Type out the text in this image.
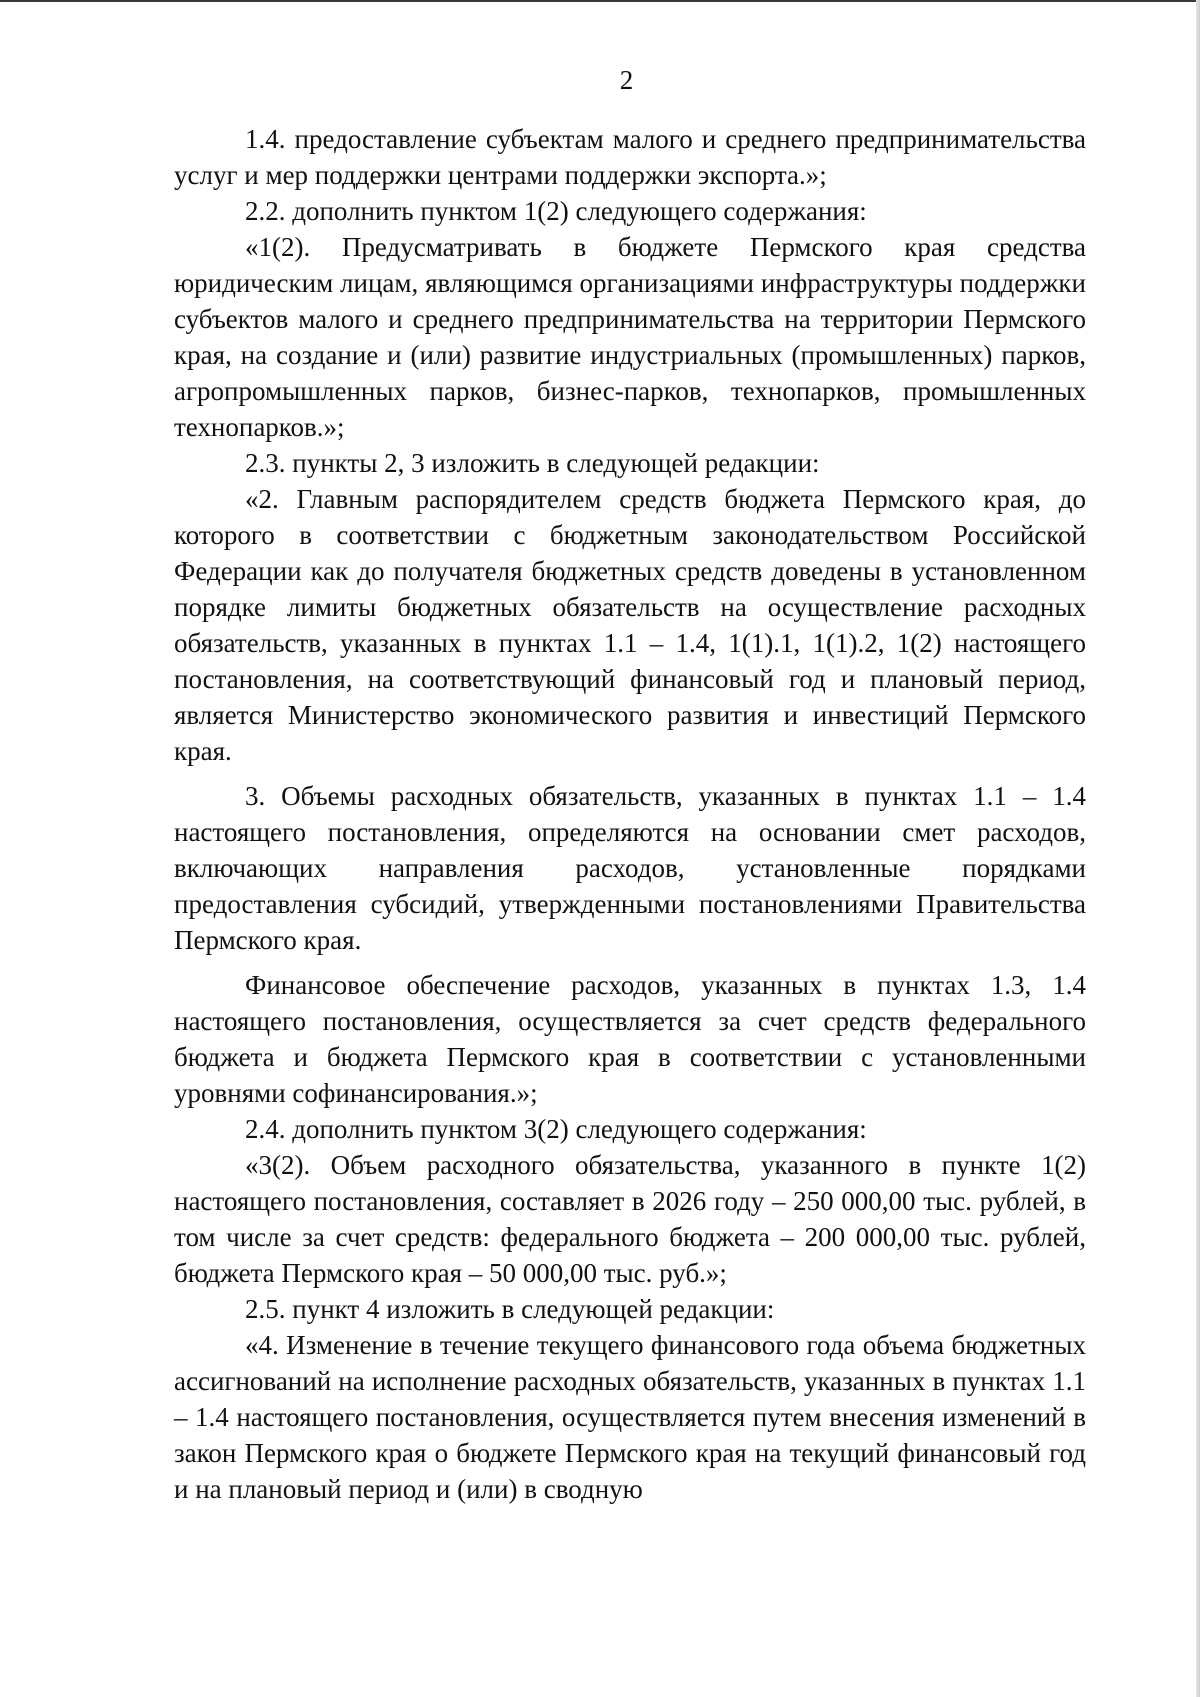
2

1.4. предоставление субъектам малого и среднего предпринимательства услуг и мер поддержки центрами поддержки экспорта.»;

2.2. дополнить пунктом 1(2) следующего содержания:

«1(2). Предусматривать в бюджете Пермского края средства юридическим лицам, являющимся организациями инфраструктуры поддержки субъектов малого и среднего предпринимательства на территории Пермского края, на создание и (или) развитие индустриальных (промышленных) парков, агропромышленных парков, бизнес-парков, технопарков, промышленных технопарков.»;

2.3. пункты 2, 3 изложить в следующей редакции:

«2. Главным распорядителем средств бюджета Пермского края, до которого в соответствии с бюджетным законодательством Российской Федерации как до получателя бюджетных средств доведены в установленном порядке лимиты бюджетных обязательств на осуществление расходных обязательств, указанных в пунктах 1.1 – 1.4, 1(1).1, 1(1).2, 1(2) настоящего постановления, на соответствующий финансовый год и плановый период, является Министерство экономического развития и инвестиций Пермского края.

3. Объемы расходных обязательств, указанных в пунктах 1.1 – 1.4 настоящего постановления, определяются на основании смет расходов, включающих направления расходов, установленные порядками предоставления субсидий, утвержденными постановлениями Правительства Пермского края.

Финансовое обеспечение расходов, указанных в пунктах 1.3, 1.4 настоящего постановления, осуществляется за счет средств федерального бюджета и бюджета Пермского края в соответствии с установленными уровнями софинансирования.»;

2.4. дополнить пунктом 3(2) следующего содержания:

«3(2). Объем расходного обязательства, указанного в пункте 1(2) настоящего постановления, составляет в 2026 году – 250 000,00 тыс. рублей, в том числе за счет средств: федерального бюджета – 200 000,00 тыс. рублей, бюджета Пермского края – 50 000,00 тыс. руб.»;

2.5. пункт 4 изложить в следующей редакции:

«4. Изменение в течение текущего финансового года объема бюджетных ассигнований на исполнение расходных обязательств, указанных в пунктах 1.1 – 1.4 настоящего постановления, осуществляется путем внесения изменений в закон Пермского края о бюджете Пермского края на текущий финансовый год и на плановый период и (или) в сводную
